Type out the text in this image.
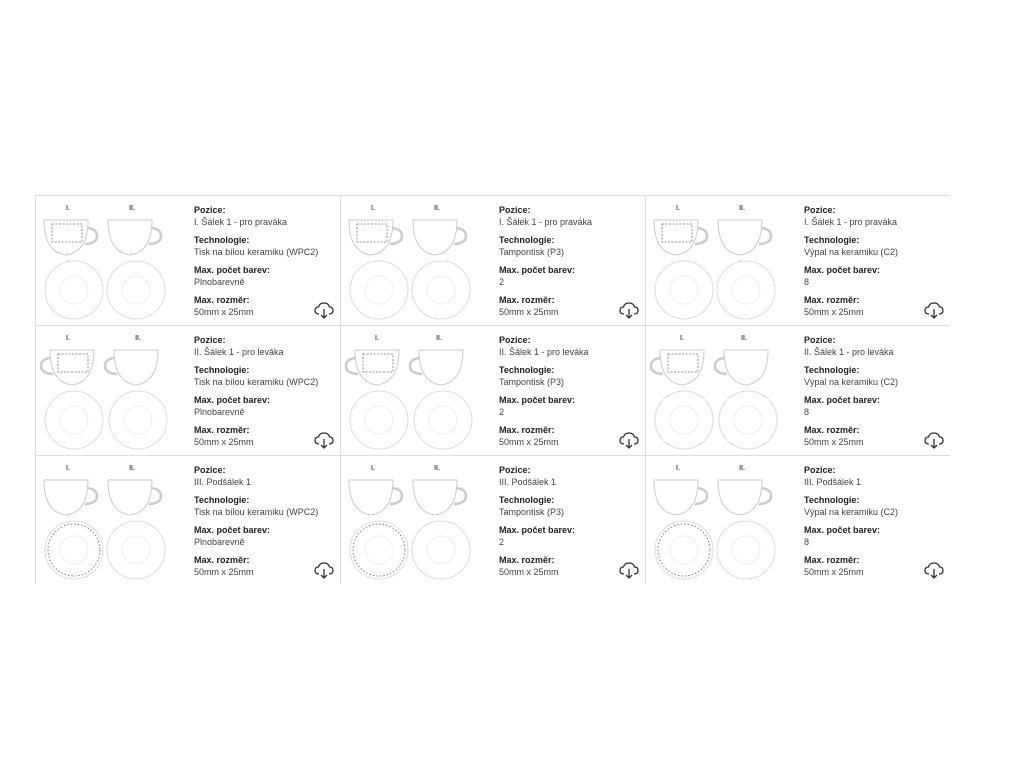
I.	II.	Pozice:
I. Šálek 1 - pro praváka
Technologie:
Tisk na bílou keramiku (WPC2)
Max. počet barev:
Plnobarevně
Max. rozměr:
50mm x 25mm
I.	II.	Pozice:
I. Šálek 1 - pro praváka
Technologie:
Tampontisk (P3)
Max. počet barev:
2
Max. rozměr:
50mm x 25mm
I.	II.	Pozice:
I. Šálek 1 - pro praváka
Technologie:
Výpal na keramiku (C2)
Max. počet barev:
8
Max. rozměr:
50mm x 25mm
I.	II.	Pozice:
II. Šálek 1 - pro leváka
Technologie:
Tisk na bílou keramiku (WPC2)
Max. počet barev:
Plnobarevně
Max. rozměr:
50mm x 25mm
I.	II.	Pozice:
II. Šálek 1 - pro leváka
Technologie:
Tampontisk (P3)
Max. počet barev:
2
Max. rozměr:
50mm x 25mm
I.	II.	Pozice:
II. Šálek 1 - pro leváka
Technologie:
Výpal na keramiku (C2)
Max. počet barev:
8
Max. rozměr:
50mm x 25mm
I.	II.	Pozice:
III. Podšálek 1
Technologie:
Tisk na bílou keramiku (WPC2)
Max. počet barev:
Plnobarevně
Max. rozměr:
50mm x 25mm
I.	II.	Pozice:
III. Podšálek 1
Technologie:
Tampontisk (P3)
Max. počet barev:
2
Max. rozměr:
50mm x 25mm
I.	II.	Pozice:
III. Podšálek 1
Technologie:
Výpal na keramiku (C2)
Max. počet barev:
8
Max. rozměr:
50mm x 25mm
